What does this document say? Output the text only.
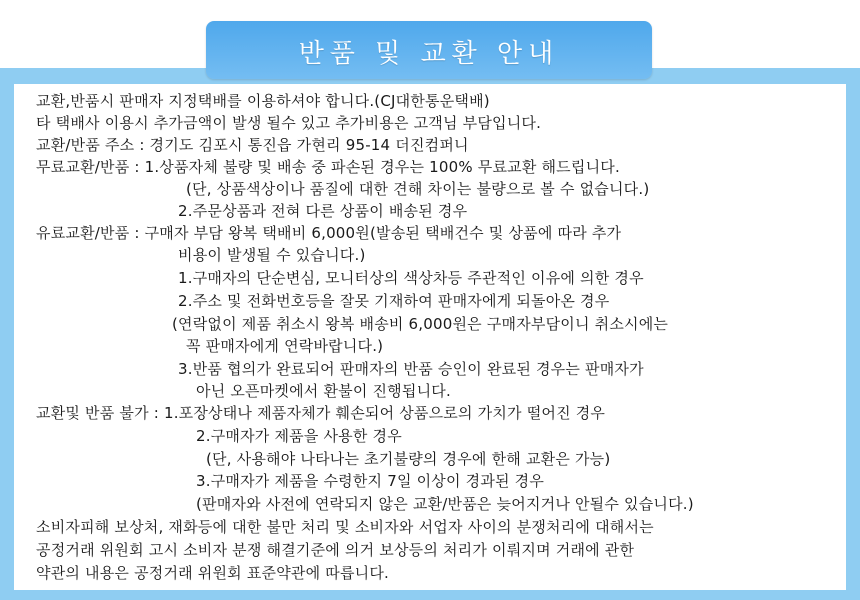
반품 및 교환 안내
교환,반품시 판매자 지정택배를 이용하셔야 합니다.(CJ대한통운택배)
타 택배사 이용시 추가금액이 발생 될수 있고 추가비용은 고객님 부담입니다.
교환/반품 주소 : 경기도 김포시 통진읍 가현리 95-14 더진컴퍼니
무료교환/반품 : 1.상품자체 불량 및 배송 중 파손된 경우는 100% 무료교환 해드립니다.
(단, 상품색상이나 품질에 대한 견해 차이는 불량으로 볼 수 없습니다.)
2.주문상품과 전혀 다른 상품이 배송된 경우
유료교환/반품 : 구매자 부담 왕복 택배비 6,000원(발송된 택배건수 및 상품에 따라 추가
비용이 발생될 수 있습니다.)
1.구매자의 단순변심, 모니터상의 색상차등 주관적인 이유에 의한 경우
2.주소 및 전화번호등을 잘못 기재하여 판매자에게 되돌아온 경우
(연락없이 제품 취소시 왕복 배송비 6,000원은 구매자부담이니 취소시에는
꼭 판매자에게 연락바랍니다.)
3.반품 협의가 완료되어 판매자의 반품 승인이 완료된 경우는 판매자가
아닌 오픈마켓에서 환불이 진행됩니다.
교환및 반품 불가 : 1.포장상태나 제품자체가 훼손되어 상품으로의 가치가 떨어진 경우
2.구매자가 제품을 사용한 경우
(단, 사용해야 나타나는 초기불량의 경우에 한해 교환은 가능)
3.구매자가 제품을 수령한지 7일 이상이 경과된 경우
(판매자와 사전에 연락되지 않은 교환/반품은 늦어지거나 안될수 있습니다.)
소비자피해 보상처, 재화등에 대한 불만 처리 및 소비자와 서업자 사이의 분쟁처리에 대해서는
공정거래 위원회 고시 소비자 분쟁 해결기준에 의거 보상등의 처리가 이뤄지며 거래에 관한
약관의 내용은 공정거래 위원회 표준약관에 따릅니다.
